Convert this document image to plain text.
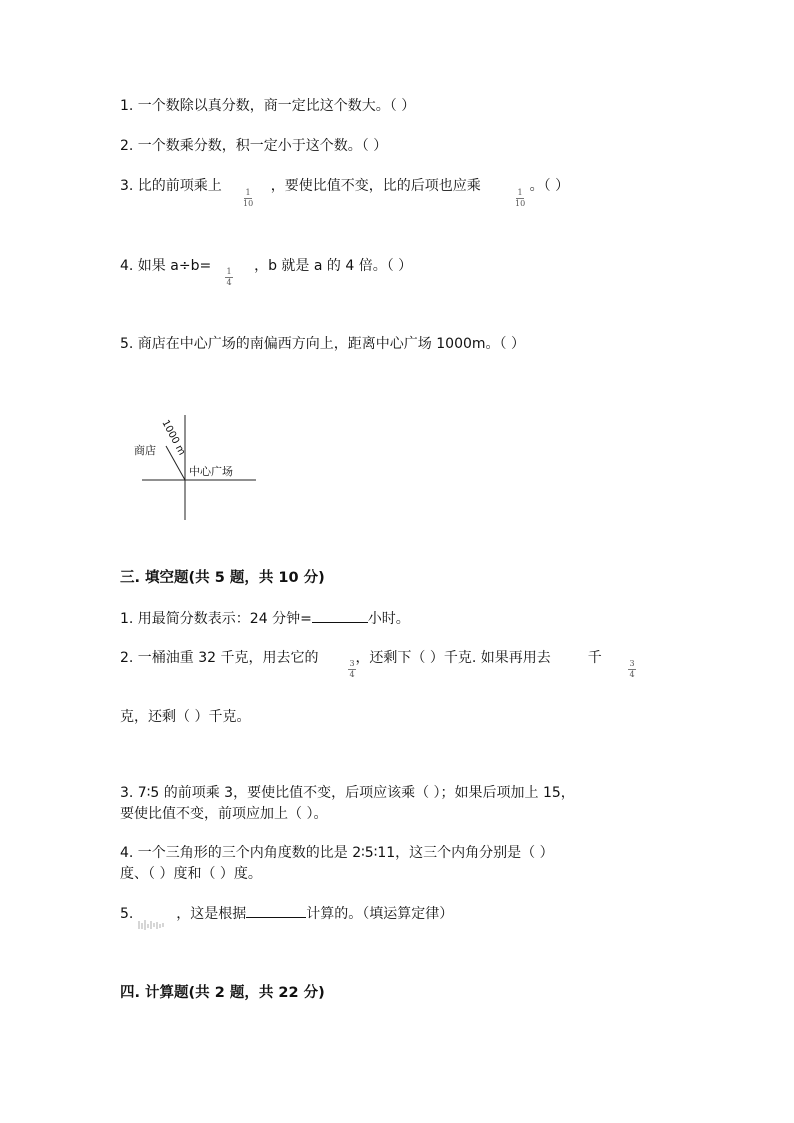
1. 一个数除以真分数，商一定比这个数大。（ ）
2. 一个数乘分数，积一定小于这个数。（ ）
3. 比的前项乘上	，要使比值不变，比的后项也应乘	。（ ）
1
10
1
10
4. 如果 a÷b=	，b 就是 a 的 4 倍。（ ）
1
4
5. 商店在中心广场的南偏西方向上，距离中心广场 1000m。（ ）
商店 1000 m
中心广场
三. 填空题(共 5 题，共 10 分)
1. 用最简分数表示：24 分钟=	小时。
2. 一桶油重 32 千克，用去它的	，还剩下（ ）千克. 如果再用去	千
3
4
3
4
克，还剩（ ）千克。
3. 7∶5 的前项乘 3，要使比值不变，后项应该乘（ ）；如果后项加上 15，
要使比值不变，前项应加上（ ）。
4. 一个三角形的三个内角度数的比是 2∶5∶11，这三个内角分别是（ ）
度、（ ）度和（ ）度。
5.	，这是根据	计算的。（填运算定律）
四. 计算题(共 2 题，共 22 分)
